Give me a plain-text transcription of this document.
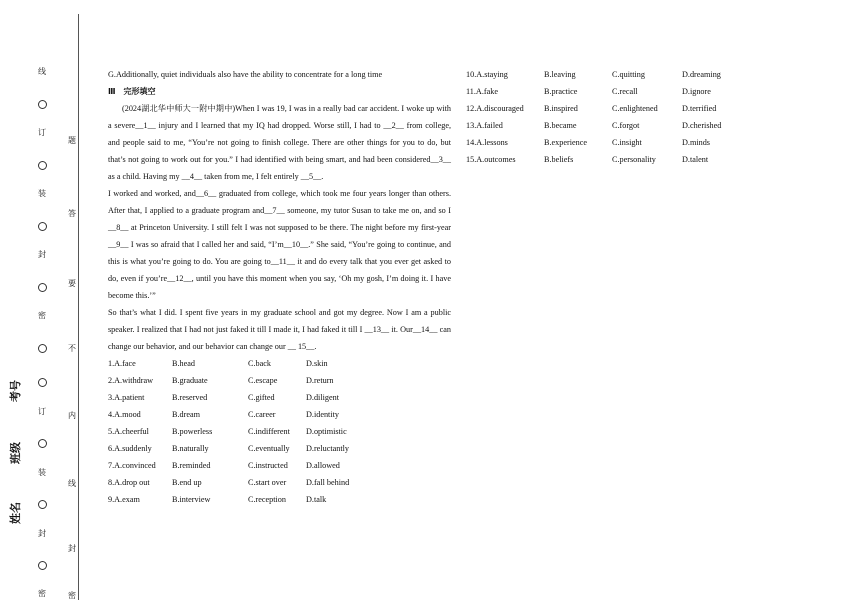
姓名
班级
考号
线
订
装
封
密
订
装
封
密
题
答
要
不
内
线
封
密

G.Additionally, quiet individuals also have the ability to concentrate for a long time

Ⅲ　完形填空

(2024湖北华中师大一附中期中)When I was 19, I was in a really bad car accident. I woke up with a severe__1__ injury and I learned that my IQ had dropped. Worse still, I had to __2__ from college, and people said to me, “You’re not going to finish college. There are other things for you to do, but that’s not going to work out for you.” I had identified with being smart, and had been considered__3__ as a child. Having my __4__ taken from me, I felt entirely __5__.

I worked and worked, and__6__ graduated from college, which took me four years longer than others. After that, I applied to a graduate program and__7__ someone, my tutor Susan to take me on, and so I __8__ at Princeton University. I still felt I was not supposed to be there. The night before my first-year __9__ I was so afraid that I called her and said, “I’m__10__.” She said, “You’re going to continue, and this is what you’re going to do. You are going to__11__ it and do every talk that you ever get asked to do, even if you’re__12__, until you have this moment when you say, ‘Oh my gosh, I’m doing it. I have become this.’”

So that’s what I did. I spent five years in my graduate school and got my degree. Now I am a public speaker. I realized that I had not just faked it till I made it, I had faked it till I __13__ it. Our__14__ can change our behavior, and our behavior can change our __ 15__.

1.A.face	B.head	C.back	D.skin
2.A.withdraw	B.graduate	C.escape	D.return
3.A.patient	B.reserved	C.gifted	D.diligent
4.A.mood	B.dream	C.career	D.identity
5.A.cheerful	B.powerless	C.indifferent	D.optimistic
6.A.suddenly	B.naturally	C.eventually	D.reluctantly
7.A.convinced	B.reminded	C.instructed	D.allowed
8.A.drop out	B.end up	C.start over	D.fall behind
9.A.exam	B.interview	C.reception	D.talk
10.A.staying	B.leaving	C.quitting	D.dreaming
11.A.fake	B.practice	C.recall	D.ignore
12.A.discouraged	B.inspired	C.enlightened	D.terrified
13.A.failed	B.became	C.forgot	D.cherished
14.A.lessons	B.experience	C.insight	D.minds
15.A.outcomes	B.beliefs	C.personality	D.talent
